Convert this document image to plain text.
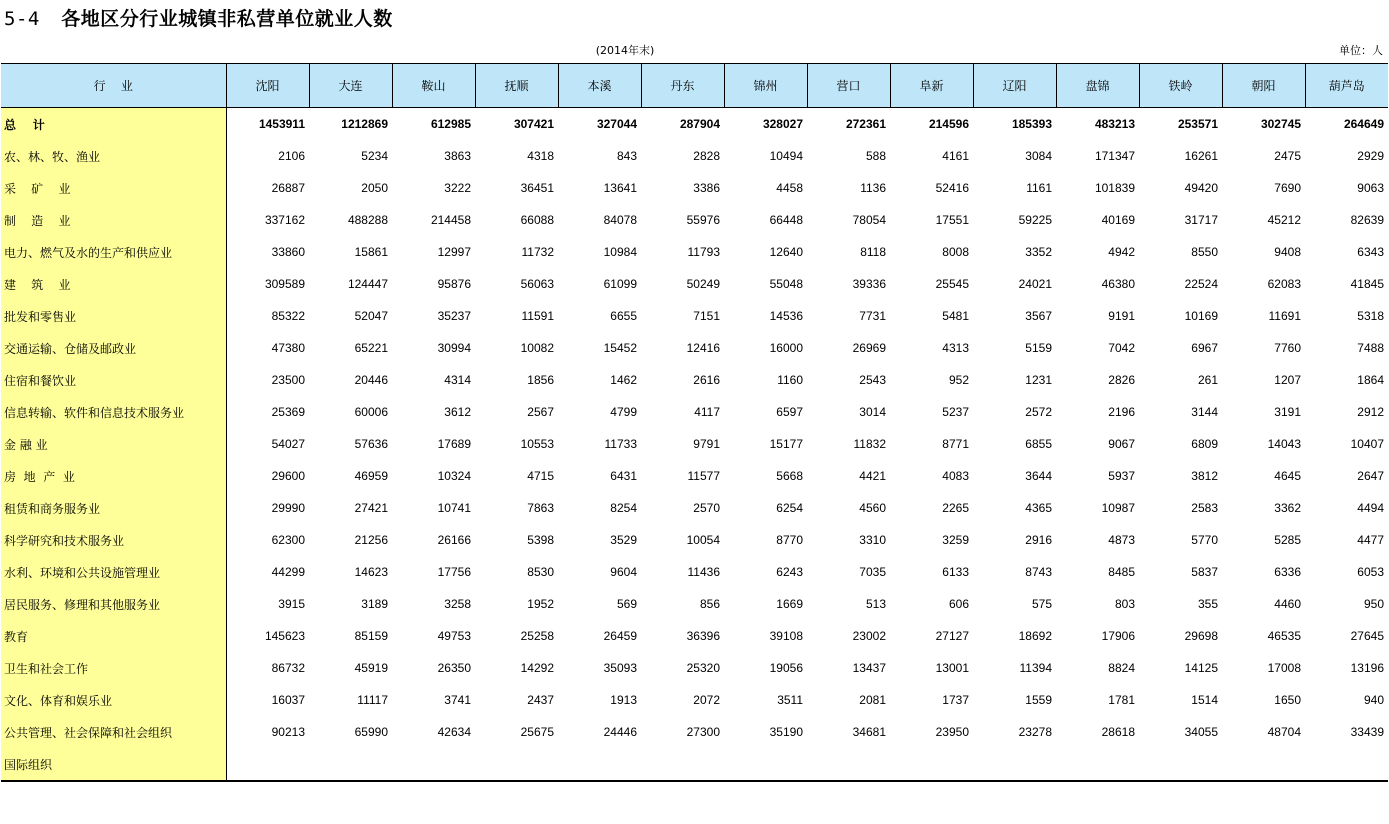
5-4 各地区分行业城镇非私营单位就业人数
(2014年末)	单位：人
行    业	沈阳	大连	鞍山	抚顺	本溪	丹东	锦州	营口	阜新	辽阳	盘锦	铁岭	朝阳	葫芦岛
总    计	1453911	1212869	612985	307421	327044	287904	328027	272361	214596	185393	483213	253571	302745	264649
农、林、牧、渔业	2106	5234	3863	4318	843	2828	10494	588	4161	3084	171347	16261	2475	2929
采    矿    业	26887	2050	3222	36451	13641	3386	4458	1136	52416	1161	101839	49420	7690	9063
制    造    业	337162	488288	214458	66088	84078	55976	66448	78054	17551	59225	40169	31717	45212	82639
电力、燃气及水的生产和供应业	33860	15861	12997	11732	10984	11793	12640	8118	8008	3352	4942	8550	9408	6343
建    筑    业	309589	124447	95876	56063	61099	50249	55048	39336	25545	24021	46380	22524	62083	41845
批发和零售业	85322	52047	35237	11591	6655	7151	14536	7731	5481	3567	9191	10169	11691	5318
交通运输、仓储及邮政业	47380	65221	30994	10082	15452	12416	16000	26969	4313	5159	7042	6967	7760	7488
住宿和餐饮业	23500	20446	4314	1856	1462	2616	1160	2543	952	1231	2826	261	1207	1864
信息转输、软件和信息技术服务业	25369	60006	3612	2567	4799	4117	6597	3014	5237	2572	2196	3144	3191	2912
金 融 业	54027	57636	17689	10553	11733	9791	15177	11832	8771	6855	9067	6809	14043	10407
房  地  产  业	29600	46959	10324	4715	6431	11577	5668	4421	4083	3644	5937	3812	4645	2647
租赁和商务服务业	29990	27421	10741	7863	8254	2570	6254	4560	2265	4365	10987	2583	3362	4494
科学研究和技术服务业	62300	21256	26166	5398	3529	10054	8770	3310	3259	2916	4873	5770	5285	4477
水利、环境和公共设施管理业	44299	14623	17756	8530	9604	11436	6243	7035	6133	8743	8485	5837	6336	6053
居民服务、修理和其他服务业	3915	3189	3258	1952	569	856	1669	513	606	575	803	355	4460	950
教育	145623	85159	49753	25258	26459	36396	39108	23002	27127	18692	17906	29698	46535	27645
卫生和社会工作	86732	45919	26350	14292	35093	25320	19056	13437	13001	11394	8824	14125	17008	13196
文化、体育和娱乐业	16037	11117	3741	2437	1913	2072	3511	2081	1737	1559	1781	1514	1650	940
公共管理、社会保障和社会组织	90213	65990	42634	25675	24446	27300	35190	34681	23950	23278	28618	34055	48704	33439
国际组织														
